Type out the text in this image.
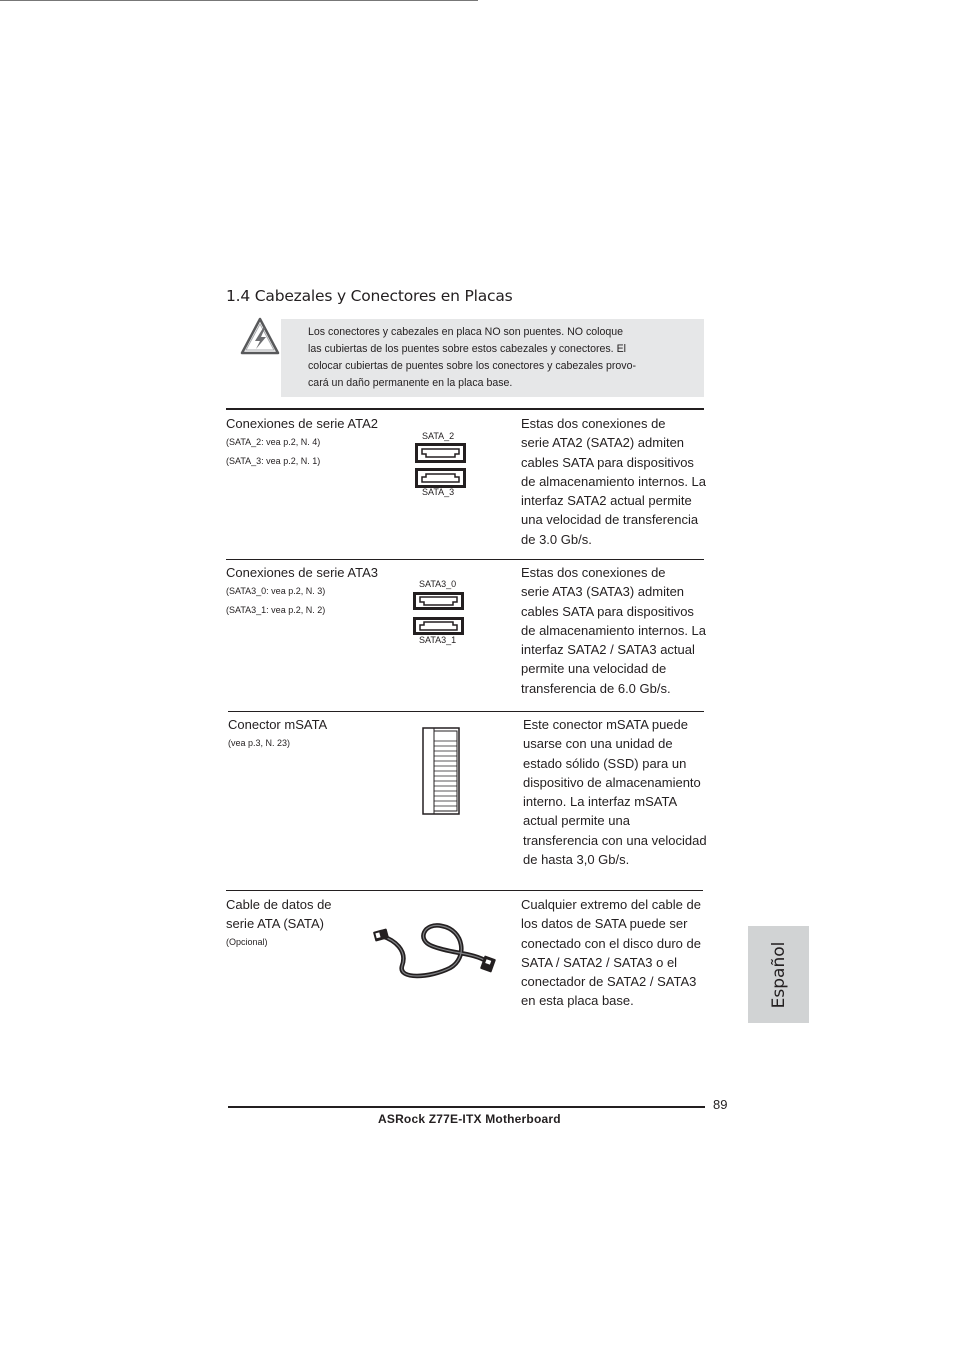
1.4 Cabezales y Conectores en Placas
Los conectores y cabezales en placa NO son puentes. NO coloque
las cubiertas de los puentes sobre estos cabezales y conectores. El
colocar cubiertas de puentes sobre los conectores y cabezales provo-
cará un daño permanente en la placa base.
Conexiones de serie ATA2
(SATA_2: vea p.2, N. 4)
(SATA_3: vea p.2, N. 1)
SATA_2
SATA_3
Estas dos conexiones de
serie ATA2 (SATA2) admiten
cables SATA para dispositivos
de almacenamiento internos. La
interfaz SATA2 actual permite
una velocidad de transferencia
de 3.0 Gb/s.
Conexiones de serie ATA3
(SATA3_0: vea p.2, N. 3)
(SATA3_1: vea p.2, N. 2)
SATA3_0
SATA3_1
Estas dos conexiones de
serie ATA3 (SATA3) admiten
cables SATA para dispositivos
de almacenamiento internos. La
interfaz SATA2 / SATA3 actual
permite una velocidad de
transferencia de 6.0 Gb/s.
Conector mSATA
(vea p.3, N. 23)
Este conector mSATA puede
usarse con una unidad de
estado sólido (SSD) para un
dispositivo de almacenamiento
interno. La interfaz mSATA
actual permite una
transferencia con una velocidad
de hasta 3,0 Gb/s.
Cable de datos de
serie ATA (SATA)
(Opcional)
Cualquier extremo del cable de
los datos de SATA puede ser
conectado con el disco duro de
SATA / SATA2 / SATA3 o el
conectador de SATA2 / SATA3
en esta placa base.	Español
89
ASRock Z77E-ITX Motherboard
